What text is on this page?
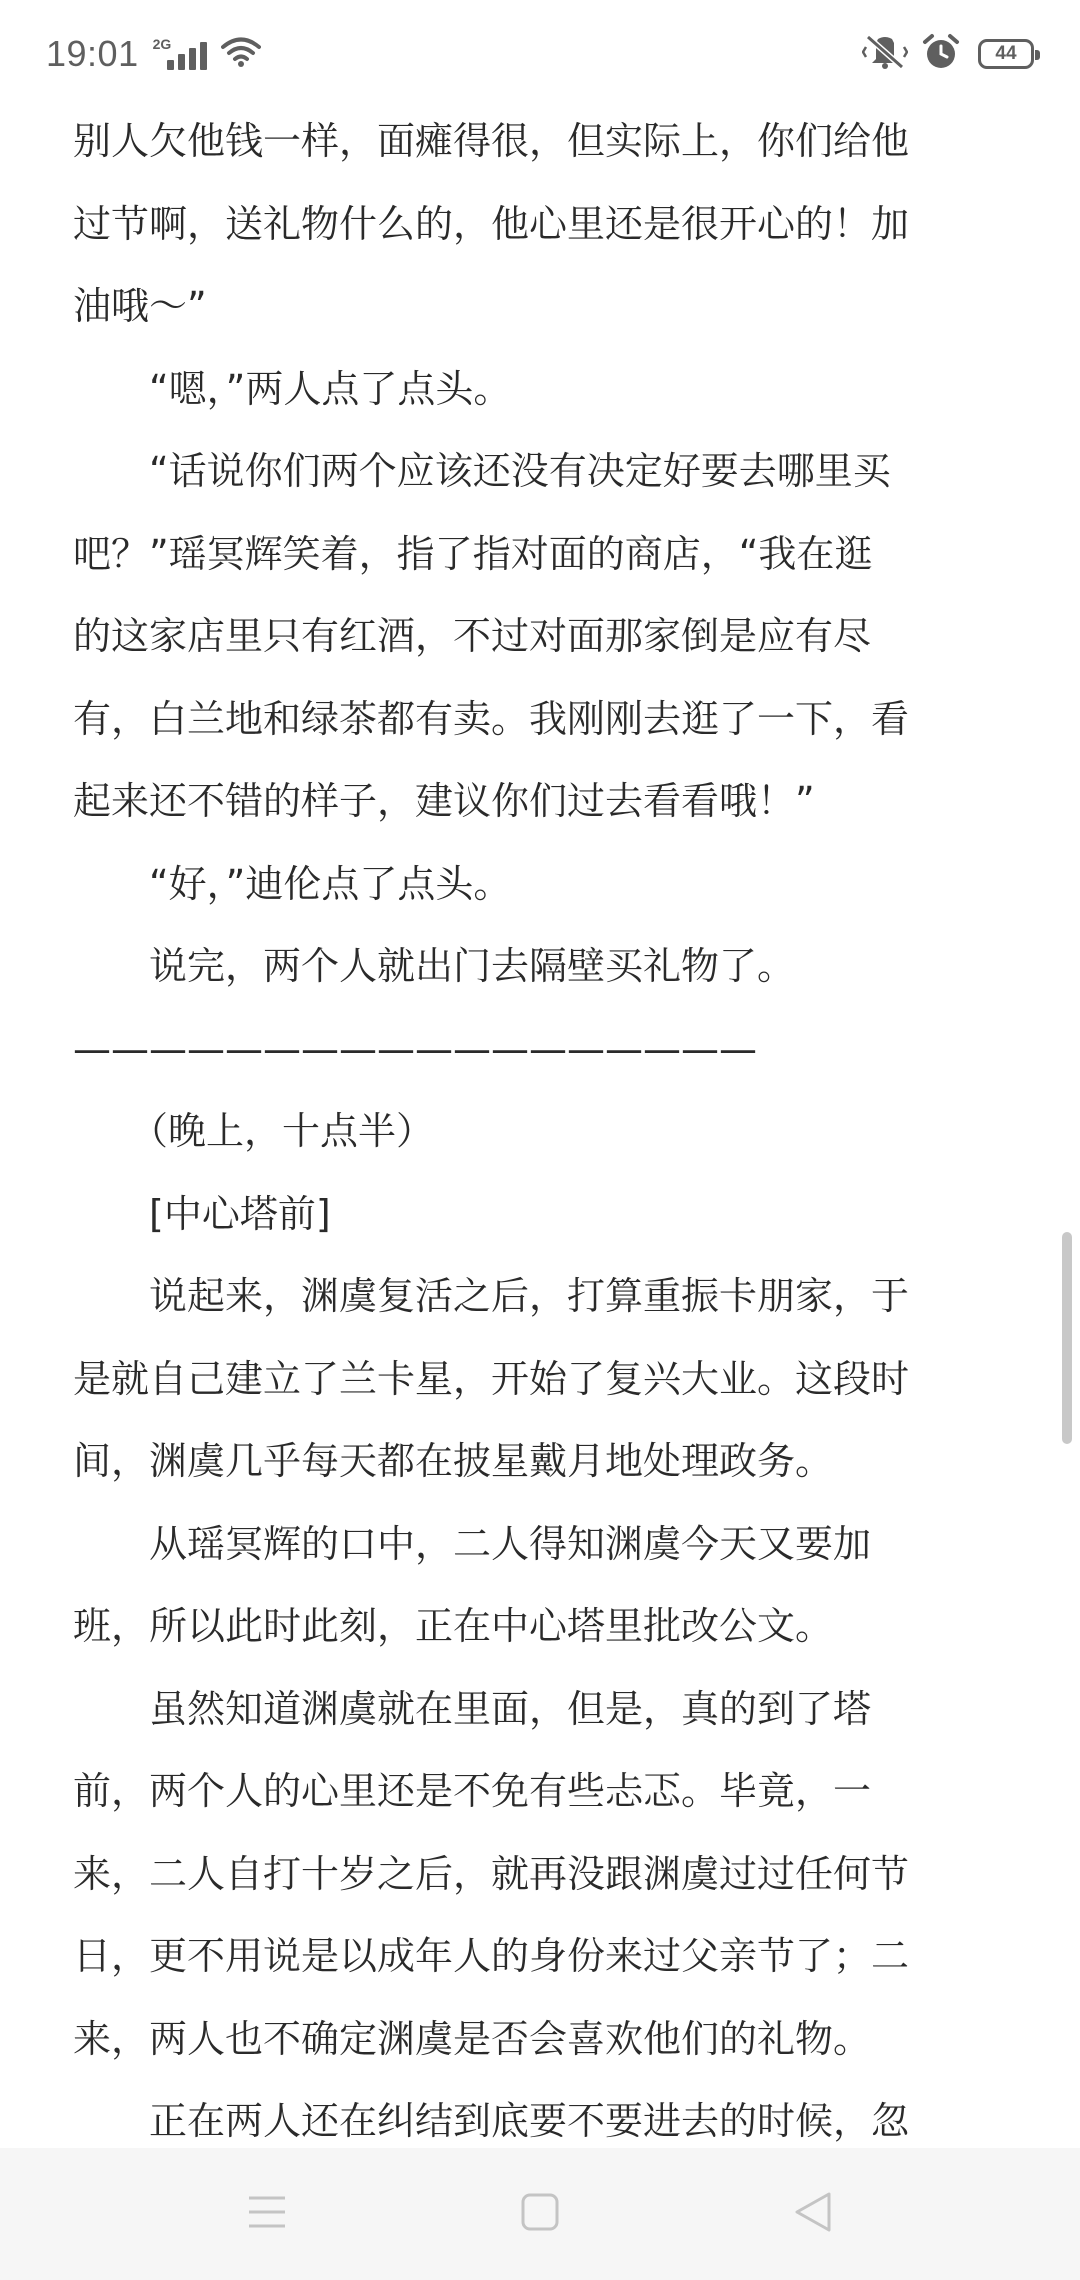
19:01 2G	44

别人欠他钱一样，面瘫得很，但实际上，你们给他

过节啊，送礼物什么的，他心里还是很开心的！加

油哦～”

　　“嗯，”两人点了点头。

　　“话说你们两个应该还没有决定好要去哪里买

吧？”瑶冥辉笑着，指了指对面的商店，“我在逛

的这家店里只有红酒，不过对面那家倒是应有尽

有，白兰地和绿茶都有卖。我刚刚去逛了一下，看

起来还不错的样子，建议你们过去看看哦！”

　　“好，”迪伦点了点头。

　　说完，两个人就出门去隔壁买礼物了。

——————————————————

　　（晚上，十点半）

　　[中心塔前]

　　说起来，渊虞复活之后，打算重振卡朋家，于

是就自己建立了兰卡星，开始了复兴大业。这段时

间，渊虞几乎每天都在披星戴月地处理政务。

　　从瑶冥辉的口中，二人得知渊虞今天又要加

班，所以此时此刻，正在中心塔里批改公文。

　　虽然知道渊虞就在里面，但是，真的到了塔

前，两个人的心里还是不免有些忐忑。毕竟，一

来，二人自打十岁之后，就再没跟渊虞过过任何节

日，更不用说是以成年人的身份来过父亲节了；二

来，两人也不确定渊虞是否会喜欢他们的礼物。

　　正在两人还在纠结到底要不要进去的时候，忽
